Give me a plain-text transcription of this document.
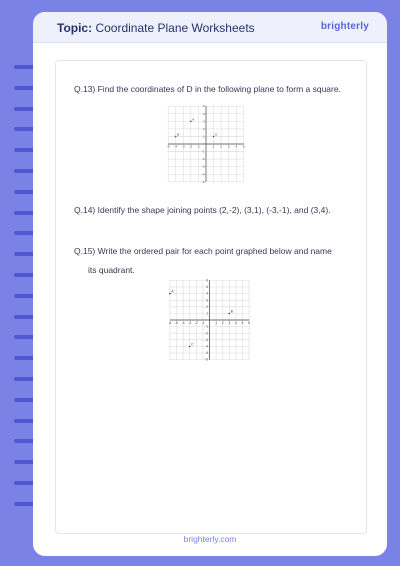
Topic: Coordinate Plane Worksheets	brighterly
Q.13) Find the coordinates of D in the following plane to form a square.
-5 -4 -3 -2 -1	1 2 3 4 5
-5
-4
-3
-2
-1
1
2
3
4
5
A
B	C
Q.14) Identify the shape joining points (2,-2), (3,1), (-3,-1), and (3,4).
Q.15) Write the ordered pair for each point graphed below and name
its quadrant.
-6 -5 -4 -3 -2 -1	1 2 3 4 5 6
-6
-5
-4
-3
-2
-1
1
2
3
4
5
6
A
B
C
brighterly.com
